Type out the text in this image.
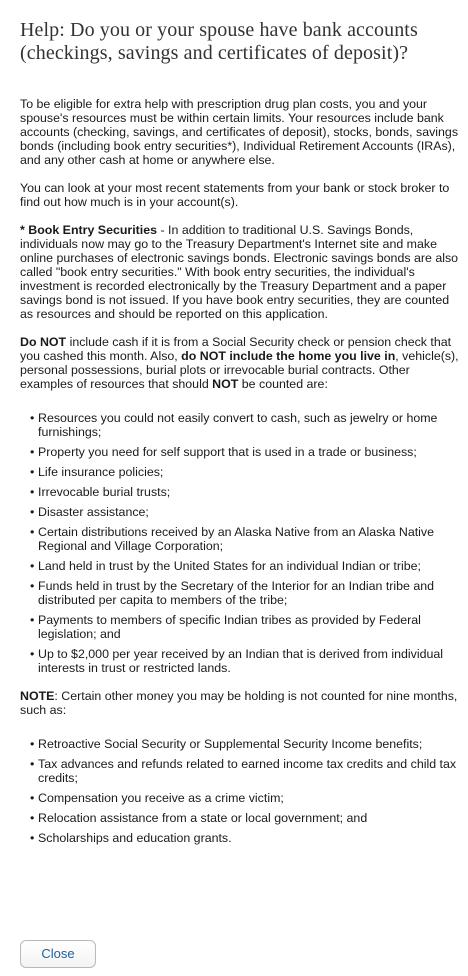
Help: Do you or your spouse have bank accounts (checkings, savings and certificates of deposit)?

To be eligible for extra help with prescription drug plan costs, you and your spouse's resources must be within certain limits. Your resources include bank accounts (checking, savings, and certificates of deposit), stocks, bonds, savings bonds (including book entry securities*), Individual Retirement Accounts (IRAs), and any other cash at home or anywhere else.

You can look at your most recent statements from your bank or stock broker to find out how much is in your account(s).

* Book Entry Securities - In addition to traditional U.S. Savings Bonds, individuals now may go to the Treasury Department's Internet site and make online purchases of electronic savings bonds. Electronic savings bonds are also called "book entry securities." With book entry securities, the individual's investment is recorded electronically by the Treasury Department and a paper savings bond is not issued. If you have book entry securities, they are counted as resources and should be reported on this application.

Do NOT include cash if it is from a Social Security check or pension check that you cashed this month. Also, do NOT include the home you live in, vehicle(s), personal possessions, burial plots or irrevocable burial contracts. Other examples of resources that should NOT be counted are:

• Resources you could not easily convert to cash, such as jewelry or home furnishings;
• Property you need for self support that is used in a trade or business;
• Life insurance policies;
• Irrevocable burial trusts;
• Disaster assistance;
• Certain distributions received by an Alaska Native from an Alaska Native Regional and Village Corporation;
• Land held in trust by the United States for an individual Indian or tribe;
• Funds held in trust by the Secretary of the Interior for an Indian tribe and distributed per capita to members of the tribe;
• Payments to members of specific Indian tribes as provided by Federal legislation; and
• Up to $2,000 per year received by an Indian that is derived from individual interests in trust or restricted lands.

NOTE: Certain other money you may be holding is not counted for nine months, such as:

• Retroactive Social Security or Supplemental Security Income benefits;
• Tax advances and refunds related to earned income tax credits and child tax credits;
• Compensation you receive as a crime victim;
• Relocation assistance from a state or local government; and
• Scholarships and education grants.
Close
